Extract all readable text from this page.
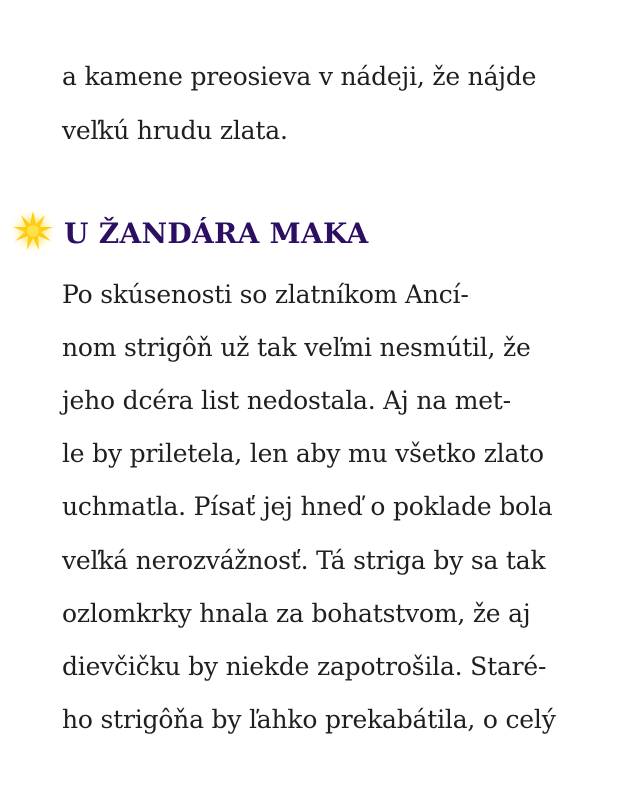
a kamene preosieva v nádeji, že nájde
veľkú hrudu zlata.
U ŽANDÁRA MAKA
Po skúsenosti so zlatníkom Ancí-
nom strigôň už tak veľmi nesmútil, že
jeho dcéra list nedostala. Aj na met-
le by priletela, len aby mu všetko zlato
uchmatla. Písať jej hneď o poklade bola
veľká nerozvážnosť. Tá striga by sa tak
ozlomkrky hnala za bohatstvom, že aj
dievčičku by niekde zapotrošila. Staré-
ho strigôňa by ľahko prekabátila, o celý
